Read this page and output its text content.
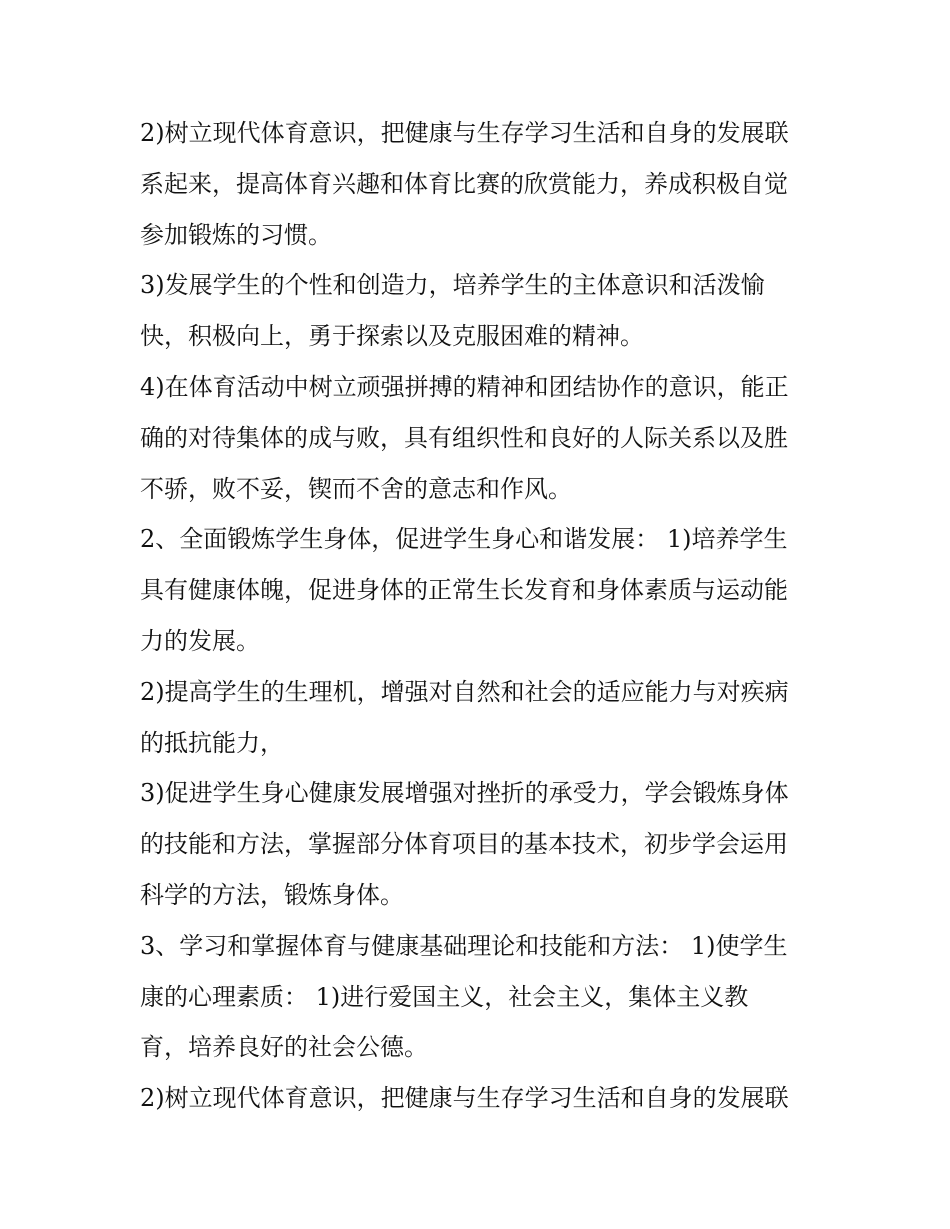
2)树立现代体育意识，把健康与生存学习生活和自身的发展联
系起来，提高体育兴趣和体育比赛的欣赏能力，养成积极自觉
参加锻炼的习惯。
3)发展学生的个性和创造力，培养学生的主体意识和活泼愉
快，积极向上，勇于探索以及克服困难的精神。
4)在体育活动中树立顽强拼搏的精神和团结协作的意识，能正
确的对待集体的成与败，具有组织性和良好的人际关系以及胜
不骄，败不妥，锲而不舍的意志和作风。
2、全面锻炼学生身体，促进学生身心和谐发展： 1)培养学生
具有健康体魄，促进身体的正常生长发育和身体素质与运动能
力的发展。
2)提高学生的生理机，增强对自然和社会的适应能力与对疾病
的抵抗能力，
3)促进学生身心健康发展增强对挫折的承受力，学会锻炼身体
的技能和方法，掌握部分体育项目的基本技术，初步学会运用
科学的方法，锻炼身体。
3、学习和掌握体育与健康基础理论和技能和方法： 1)使学生
康的心理素质： 1)进行爱国主义，社会主义，集体主义教
育，培养良好的社会公德。
2)树立现代体育意识，把健康与生存学习生活和自身的发展联
